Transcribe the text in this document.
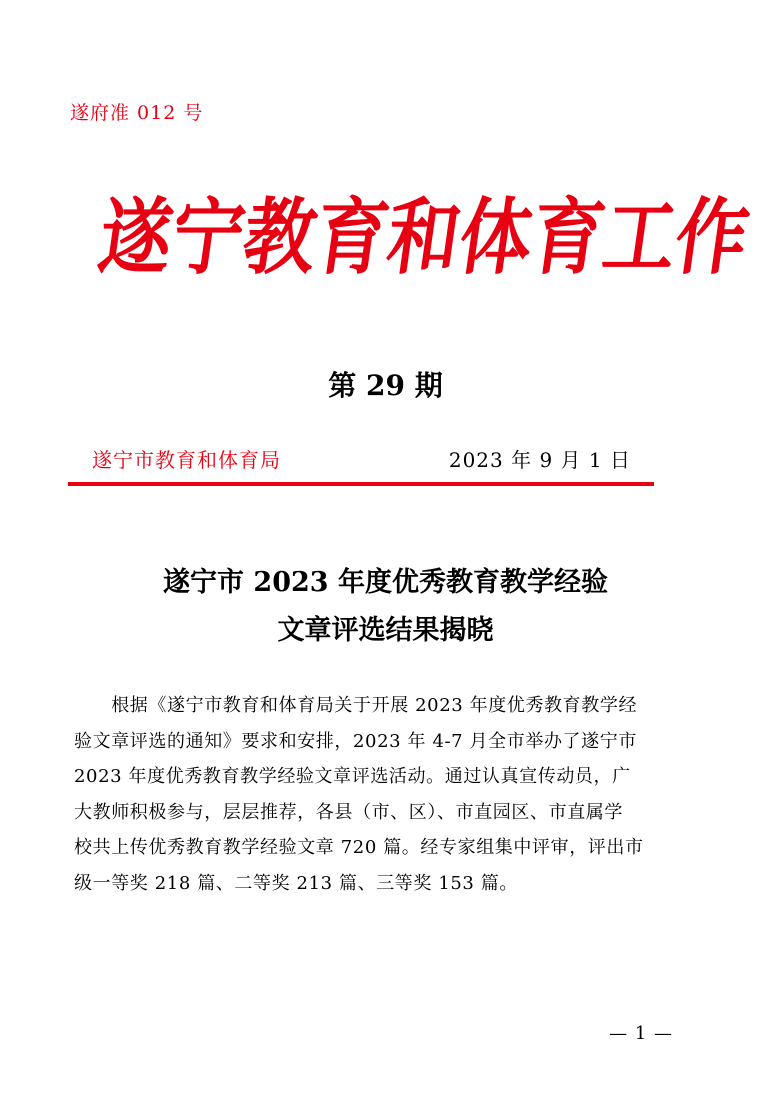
遂府准 012 号
遂
宁
教
育
和
体
育
工
作
第 29 期
遂宁市教育和体育局	2023 年 9 月 1 日
遂宁市 2023 年度优秀教育教学经验
文章评选结果揭晓
　　根据《遂宁市教育和体育局关于开展 2023 年度优秀教育教学经
验文章评选的通知》要求和安排，2023 年 4-7 月全市举办了遂宁市
2023 年度优秀教育教学经验文章评选活动。通过认真宣传动员，广
大教师积极参与，层层推荐，各县（市、区）、市直园区、市直属学
校共上传优秀教育教学经验文章 720 篇。经专家组集中评审，评出市
级一等奖 218 篇、二等奖 213 篇、三等奖 153 篇。
— 1 —
